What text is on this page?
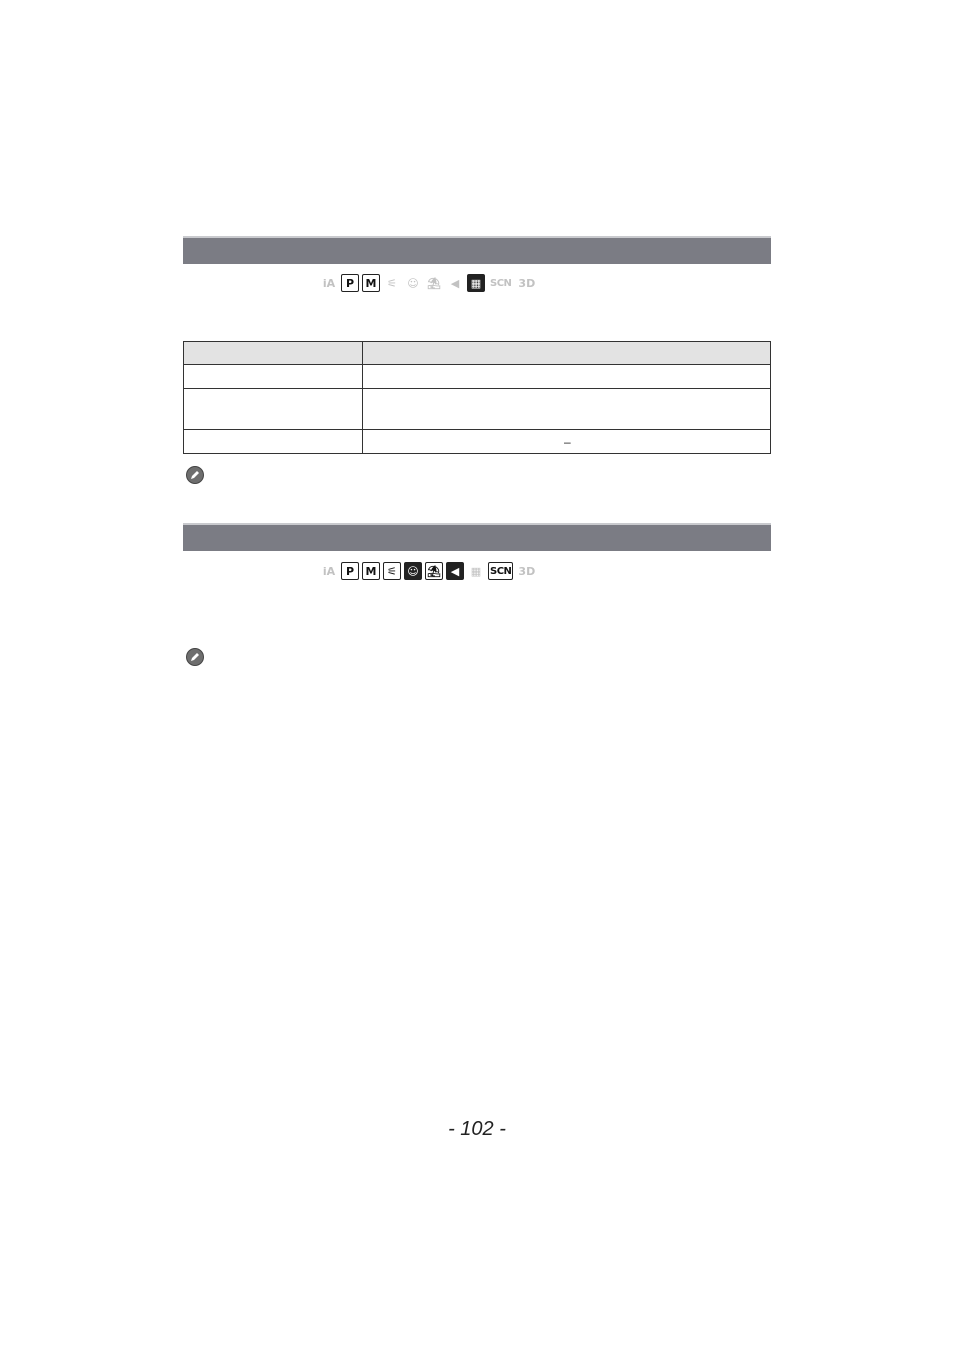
iA P	M ⚟ ☺ ⛱ ◀	▦ SCN 3D

	–
iA P	M ⚟ ☺ ⛱ ◀	▦ SCN 3D
- 102 -
